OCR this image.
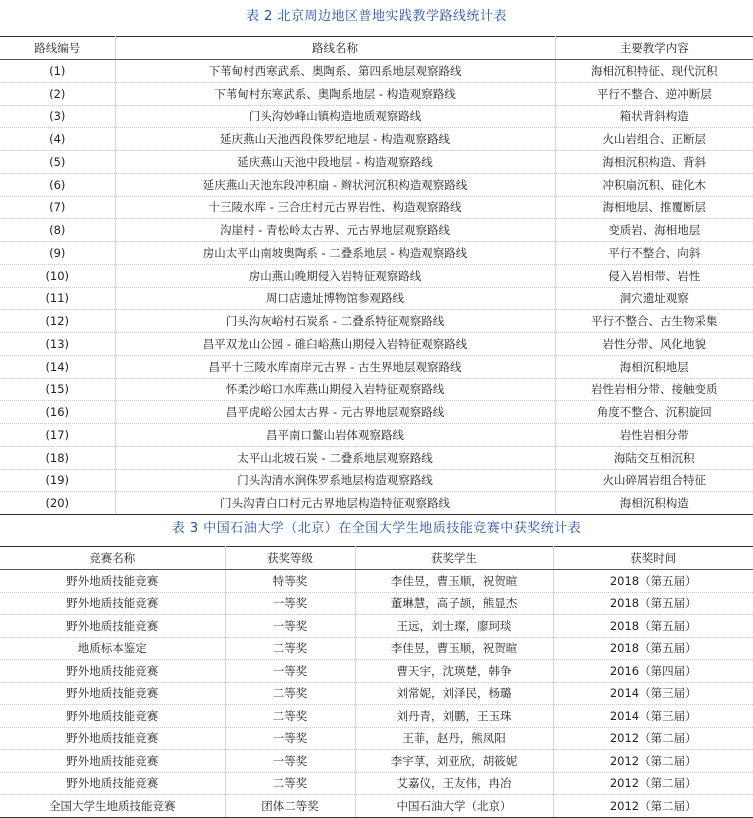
表 2 北京周边地区普地实践教学路线统计表
路线编号	路线名称	主要教学内容
(1)	下苇甸村西寒武系、奥陶系、第四系地层观察路线	海相沉积特征、现代沉积
(2)	下苇甸村东寒武系、奥陶系地层 - 构造观察路线	平行不整合、逆冲断层
(3)	门头沟妙峰山镇构造地质观察路线	箱状背斜构造
(4)	延庆燕山天池西段侏罗纪地层 - 构造观察路线	火山岩组合、正断层
(5)	延庆燕山天池中段地层 - 构造观察路线	海相沉积构造、背斜
(6)	延庆燕山天池东段冲积扇 - 辫状河沉积构造观察路线	冲积扇沉积、硅化木
(7)	十三陵水库 - 三合庄村元古界岩性、构造观察路线	海相地层、推覆断层
(8)	沟崖村 - 青松岭太古界、元古界地层观察路线	变质岩、海相地层
(9)	房山太平山南坡奥陶系 - 二叠系地层 - 构造观察路线	平行不整合、向斜
(10)	房山燕山晚期侵入岩特征观察路线	侵入岩相带、岩性
(11)	周口店遗址博物馆参观路线	洞穴遗址观察
(12)	门头沟灰峪村石炭系 - 二叠系特征观察路线	平行不整合、古生物采集
(13)	昌平双龙山公园 - 碓臼峪燕山期侵入岩特征观察路线	岩性分带、风化地貌
(14)	昌平十三陵水库南岸元古界 - 古生界地层观察路线	海相沉积地层
(15)	怀柔沙峪口水库燕山期侵入岩特征观察路线	岩性岩相分带、接触变质
(16)	昌平虎峪公园太古界 - 元古界地层观察路线	角度不整合、沉积旋回
(17)	昌平南口鳌山岩体观察路线	岩性岩相分带
(18)	太平山北坡石炭 - 二叠系地层观察路线	海陆交互相沉积
(19)	门头沟清水涧侏罗系地层构造观察路线	火山碎屑岩组合特征
(20)	门头沟青白口村元古界地层构造特征观察路线	海相沉积构造
表 3 中国石油大学（北京）在全国大学生地质技能竞赛中获奖统计表
竞赛名称	获奖等级	获奖学生	获奖时间
野外地质技能竞赛	特等奖	李佳昱，曹玉顺，祝贺暄	2018（第五届）
野外地质技能竞赛	一等奖	董琳慧，高子颉，熊显杰	2018（第五届）
野外地质技能竞赛	一等奖	王远，刘士璨，廖珂琰	2018（第五届）
地质标本鉴定	二等奖	李佳昱，曹玉顺，祝贺暄	2018（第五届）
野外地质技能竞赛	一等奖	曹天宇，沈瑛楚，韩争	2016（第四届）
野外地质技能竞赛	二等奖	刘常妮，刘泽民，杨璐	2014（第三届）
野外地质技能竞赛	二等奖	刘丹青，刘鹏，王玉珠	2014（第三届）
野外地质技能竞赛	一等奖	王菲，赵丹，熊凤阳	2012（第二届）
野外地质技能竞赛	一等奖	李宇莩，刘亚欣，胡筱妮	2012（第二届）
野外地质技能竞赛	二等奖	艾嘉仪，王友伟，冉冶	2012（第二届）
全国大学生地质技能竞赛	团体二等奖	中国石油大学（北京）	2012（第二届）
